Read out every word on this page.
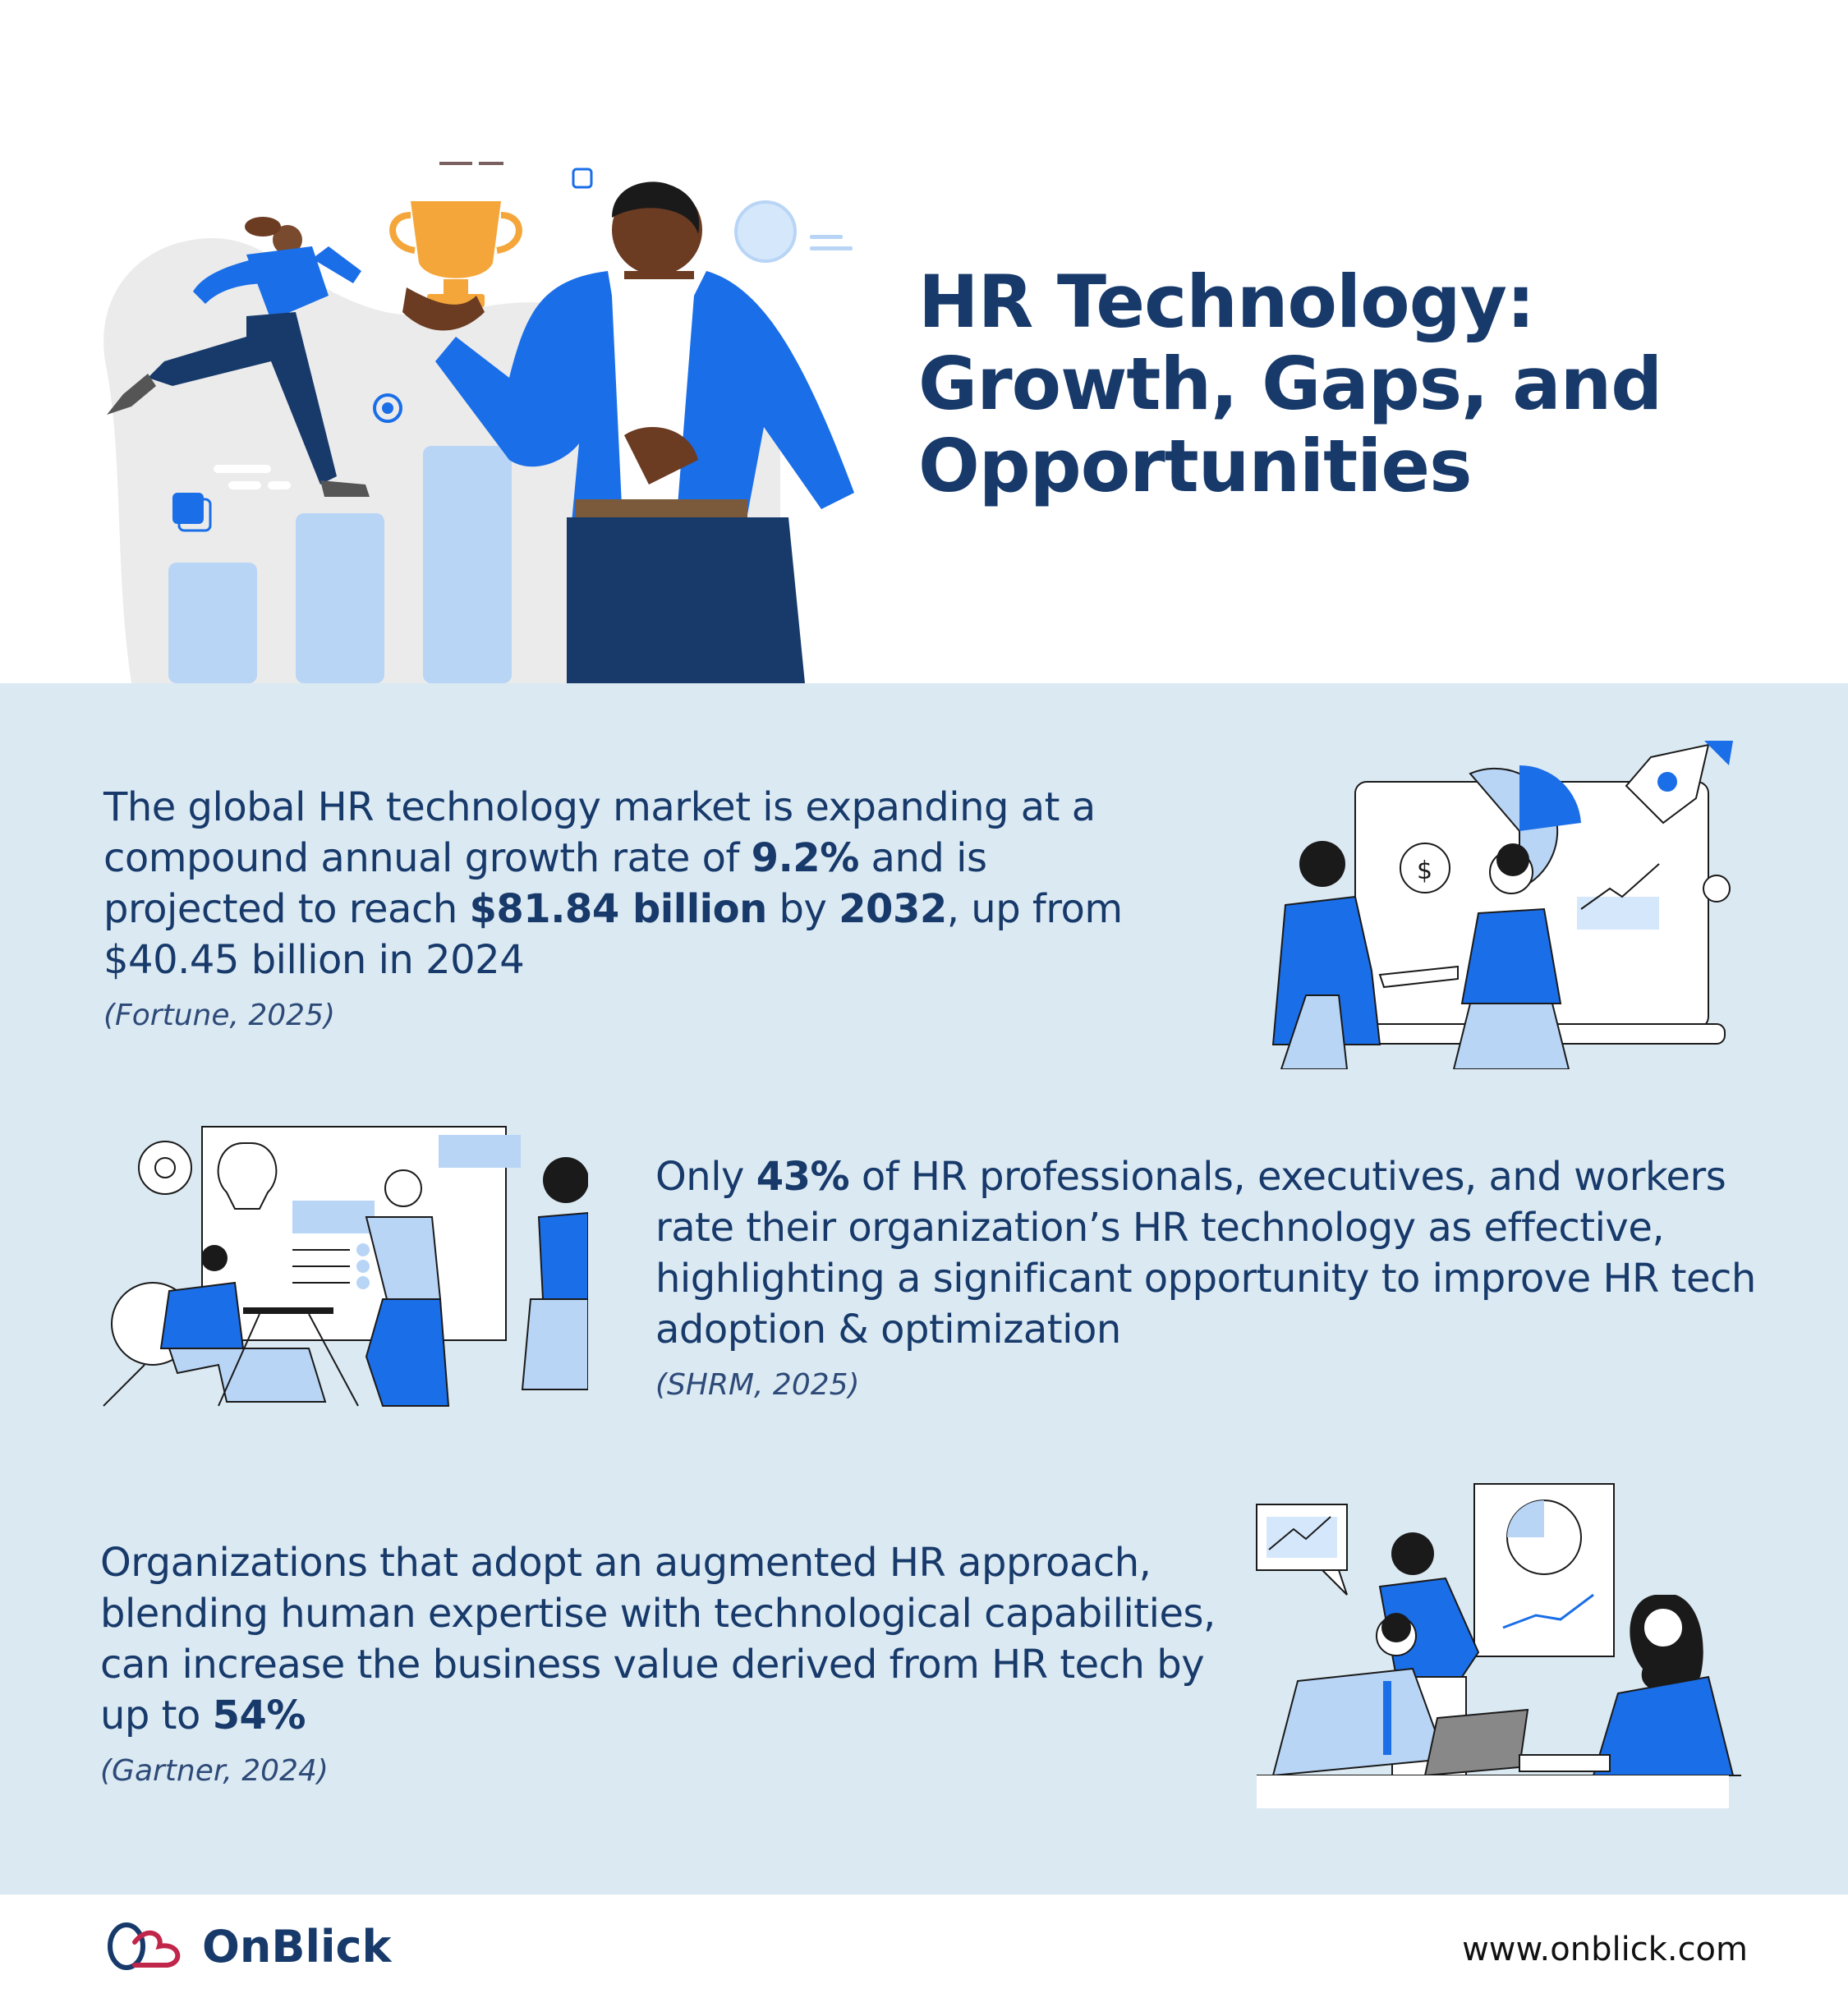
HR Technology:
Growth, Gaps, and
Opportunities

The global HR technology market is expanding at a compound annual growth rate of 9.2% and is projected to reach $81.84 billion by 2032, up from $40.45 billion in 2024

(Fortune, 2025)
$

Only 43% of HR professionals, executives, and workers rate their organization’s HR technology as effective, highlighting a significant opportunity to improve HR tech adoption & optimization

(SHRM, 2025)

Organizations that adopt an augmented HR approach, blending human expertise with technological capabilities, can increase the business value derived from HR tech by up to 54%

(Gartner, 2024)
OnBlick	www.onblick.com
